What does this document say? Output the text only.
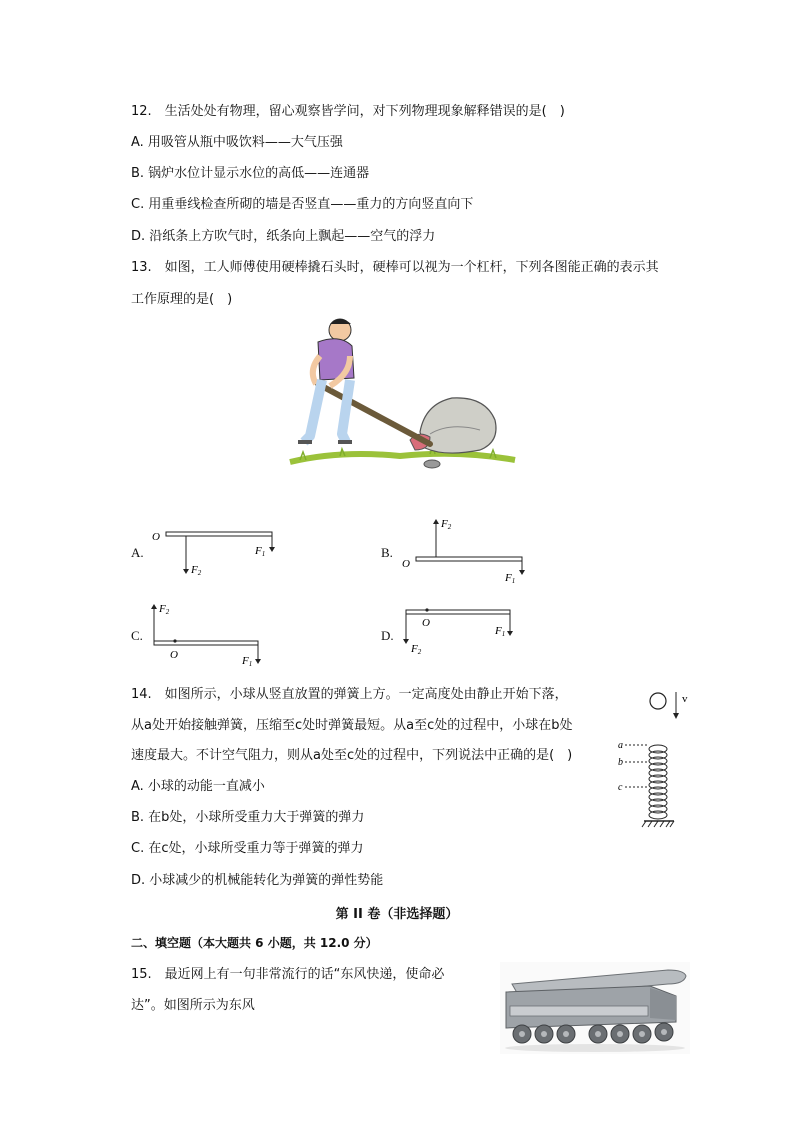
12.　生活处处有物理，留心观察皆学问，对下列物理现象解释错误的是(　)
A. 用吸管从瓶中吸饮料——大气压强
B. 锅炉水位计显示水位的高低——连通器
C. 用重垂线检查所砌的墙是否竖直——重力的方向竖直向下
D. 沿纸条上方吹气时，纸条向上飘起——空气的浮力
13.　如图，工人师傅使用硬棒撬石头时，硬棒可以视为一个杠杆，下列各图能正确的表示其
工作原理的是(　)
A.
O
F1
F2
B.
F2
O
F1
C.
F2
O	F1
D.
O
F2
F1
14.　如图所示，小球从竖直放置的弹簧上方。一定高度处由静止开始下落，
从a处开始接触弹簧，压缩至c处时弹簧最短。从a至c处的过程中，小球在b处
速度最大。不计空气阻力，则从a处至c处的过程中，下列说法中正确的是(　)
A. 小球的动能一直减小
B. 在b处，小球所受重力大于弹簧的弹力
C. 在c处，小球所受重力等于弹簧的弹力
D. 小球减少的机械能转化为弹簧的弹性势能
v
a
b
c
第 II 卷（非选择题）
二、填空题（本大题共 6 小题，共 12.0 分）
15.　最近网上有一句非常流行的话“东风快递，使命必
达”。如图所示为东风
